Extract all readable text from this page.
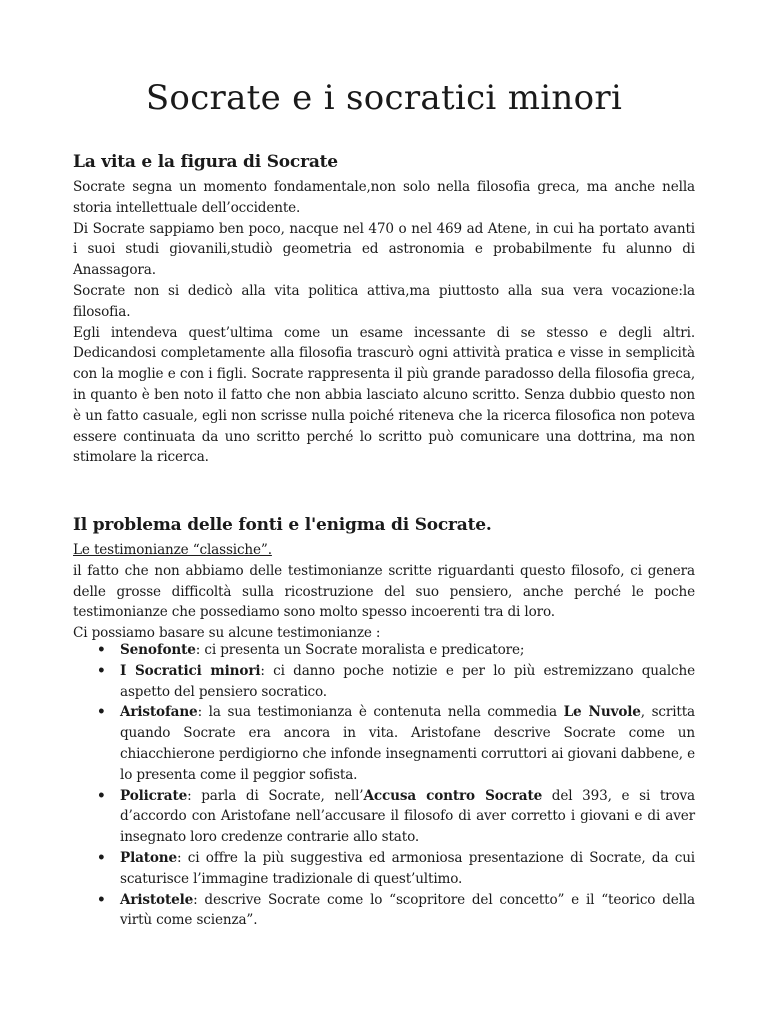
Socrate e i socratici minori
La vita e la figura di Socrate

Socrate segna un momento fondamentale,non solo nella filosofia greca, ma anche nella storia intellettuale dell’occidente.

Di Socrate sappiamo ben poco, nacque nel 470 o nel 469 ad Atene, in cui ha portato avanti i suoi studi giovanili,studiò geometria ed astronomia e probabilmente fu alunno di Anassagora.

Socrate non si dedicò alla vita politica attiva,ma piuttosto alla sua vera vocazione:la filosofia.

Egli intendeva quest’ultima come un esame incessante di se stesso e degli altri. Dedicandosi completamente alla filosofia trascurò ogni attività pratica e visse in semplicità con la moglie e con i figli. Socrate rappresenta il più grande paradosso della filosofia greca, in quanto è ben noto il fatto che non abbia lasciato alcuno scritto. Senza dubbio questo non è un fatto casuale, egli non scrisse nulla poiché riteneva che la ricerca filosofica non poteva essere continuata da uno scritto perché lo scritto può comunicare una dottrina, ma non stimolare la ricerca.

Il problema delle fonti e l'enigma di Socrate.

Le testimonianze “classiche”.

il fatto che non abbiamo delle testimonianze scritte riguardanti questo filosofo, ci genera delle grosse difficoltà sulla ricostruzione del suo pensiero, anche perché le poche testimonianze che possediamo sono molto spesso incoerenti tra di loro.

Ci possiamo basare su alcune testimonianze :

• Senofonte: ci presenta un Socrate moralista e predicatore;
• I Socratici minori: ci danno poche notizie e per lo più estremizzano qualche aspetto del pensiero socratico.
• Aristofane: la sua testimonianza è contenuta nella commedia Le Nuvole, scritta quando Socrate era ancora in vita. Aristofane descrive Socrate come un chiacchierone perdigiorno che infonde insegnamenti corruttori ai giovani dabbene, e lo presenta come il peggior sofista.
• Policrate: parla di Socrate, nell’Accusa contro Socrate del 393, e si trova d’accordo con Aristofane nell’accusare il filosofo di aver corretto i giovani e di aver insegnato loro credenze contrarie allo stato.
• Platone: ci offre la più suggestiva ed armoniosa presentazione di Socrate, da cui scaturisce l’immagine tradizionale di quest’ultimo.
• Aristotele: descrive Socrate come lo “scopritore del concetto” e il “teorico della virtù come scienza”.
